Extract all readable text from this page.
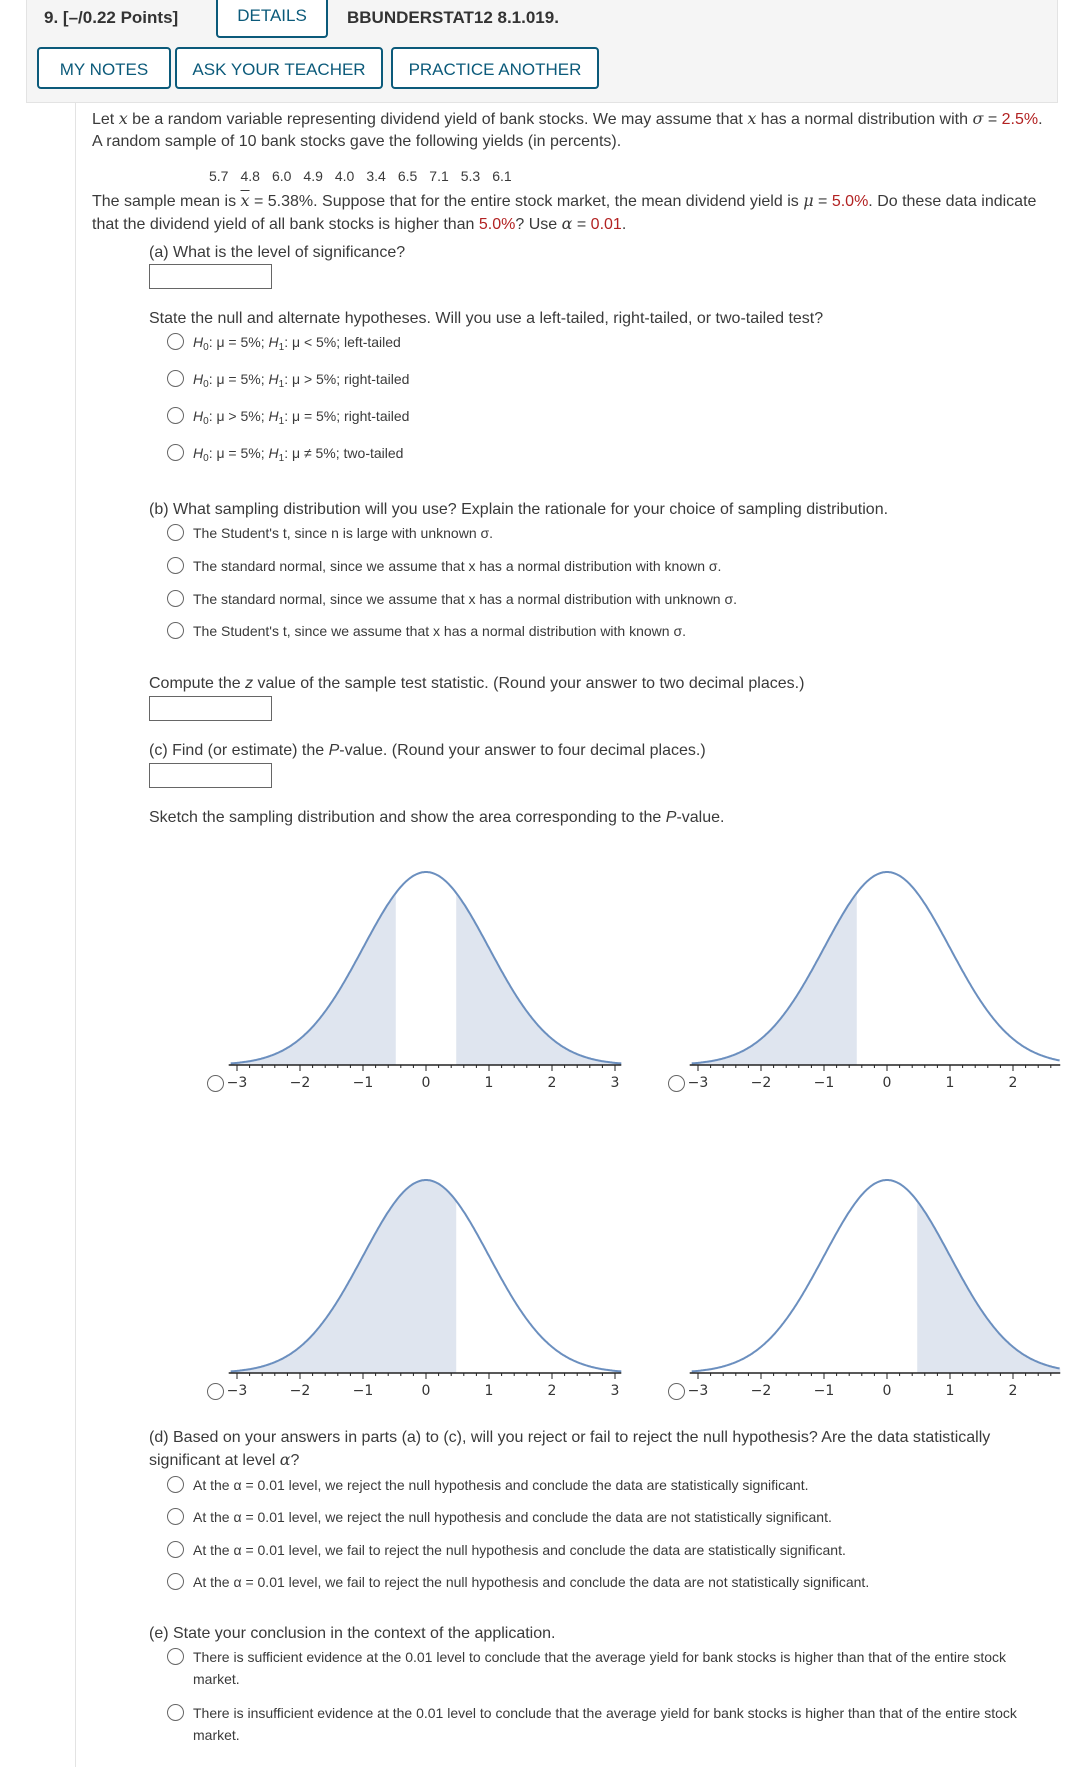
9. [–/0.22 Points]	DETAILS	BBUNDERSTAT12 8.1.019.
MY NOTES	ASK YOUR TEACHER	PRACTICE ANOTHER
Let x be a random variable representing dividend yield of bank stocks. We may assume that x has a normal distribution with σ = 2.5%. A random sample of 10 bank stocks gave the following yields (in percents).
5.7 4.8 6.0 4.9 4.0 3.4 6.5 7.1 5.3 6.1
The sample mean is $\overline{x} = 5.38\%$. Suppose that for the entire stock market, the mean dividend yield is μ = 5.0%. Do these data indicate that the dividend yield of all bank stocks is higher than 5.0%? Use α = 0.01.
(a) What is the level of significance?
State the null and alternate hypotheses. Will you use a left-tailed, right-tailed, or two-tailed test?
$H_0$: μ = 5%; $H_1$: μ < 5%; left-tailed
$H_0$: μ = 5%; $H_1$: μ > 5%; right-tailed
$H_0$: μ > 5%; $H_1$: μ = 5%; right-tailed
$H_0$: μ = 5%; $H_1$: μ ≠ 5%; two-tailed
(b) What sampling distribution will you use? Explain the rationale for your choice of sampling distribution.
The Student's t, since n is large with unknown σ.
The standard normal, since we assume that x has a normal distribution with known σ.
The standard normal, since we assume that x has a normal distribution with unknown σ.
The Student's t, since we assume that x has a normal distribution with known σ.
Compute the z value of the sample test statistic. (Round your answer to two decimal places.)
(c) Find (or estimate) the P-value. (Round your answer to four decimal places.)
Sketch the sampling distribution and show the area corresponding to the P-value.
−3	−2	−1	0	1	2	3	−3	−2	−1	0	1	2
−3	−2	−1	0	1	2	3	−3	−2	−1	0	1	2
(d) Based on your answers in parts (a) to (c), will you reject or fail to reject the null hypothesis? Are the data statistically significant at level α?
At the α = 0.01 level, we reject the null hypothesis and conclude the data are statistically significant.
At the α = 0.01 level, we reject the null hypothesis and conclude the data are not statistically significant.
At the α = 0.01 level, we fail to reject the null hypothesis and conclude the data are statistically significant.
At the α = 0.01 level, we fail to reject the null hypothesis and conclude the data are not statistically significant.
(e) State your conclusion in the context of the application.
There is sufficient evidence at the 0.01 level to conclude that the average yield for bank stocks is higher than that of the entire stock market.
There is insufficient evidence at the 0.01 level to conclude that the average yield for bank stocks is higher than that of the entire stock market.
